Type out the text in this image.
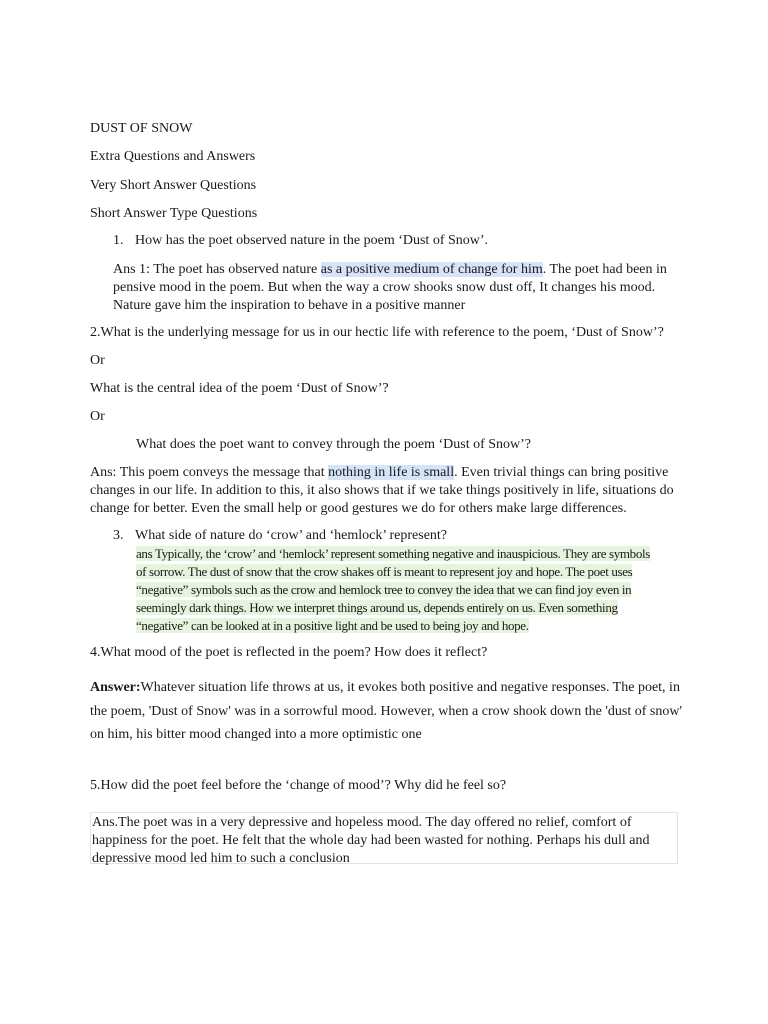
DUST OF SNOW
Extra Questions and Answers
Very Short Answer Questions
Short Answer Type Questions
1. How has the poet observed nature in the poem ‘Dust of Snow’.
Ans 1: The poet has observed nature as a positive medium of change for him. The poet had been in
pensive mood in the poem. But when the way a crow shooks snow dust off, It changes his mood.
Nature gave him the inspiration to behave in a positive manner
2.What is the underlying message for us in our hectic life with reference to the poem, ‘Dust of Snow’?
Or
What is the central idea of the poem ‘Dust of Snow’?
Or
What does the poet want to convey through the poem ‘Dust of Snow’?
Ans: This poem conveys the message that nothing in life is small. Even trivial things can bring positive
changes in our life. In addition to this, it also shows that if we take things positively in life, situations do
change for better. Even the small help or good gestures we do for others make large differences.
3. What side of nature do ‘crow’ and ‘hemlock’ represent?
ans Typically, the ‘crow’ and ‘hemlock’ represent something negative and inauspicious. They are symbols
of sorrow. The dust of snow that the crow shakes off is meant to represent joy and hope. The poet uses
“negative” symbols such as the crow and hemlock tree to convey the idea that we can find joy even in
seemingly dark things. How we interpret things around us, depends entirely on us. Even something
“negative” can be looked at in a positive light and be used to being joy and hope.
4.What mood of the poet is reflected in the poem? How does it reflect?
Answer:Whatever situation life throws at us, it evokes both positive and negative responses. The poet, in
the poem, 'Dust of Snow' was in a sorrowful mood. However, when a crow shook down the 'dust of snow'
on him, his bitter mood changed into a more optimistic one
5.How did the poet feel before the ‘change of mood’? Why did he feel so?
Ans.The poet was in a very depressive and hopeless mood. The day offered no relief, comfort of
happiness for the poet. He felt that the whole day had been wasted for nothing. Perhaps his dull and
depressive mood led him to such a conclusion
